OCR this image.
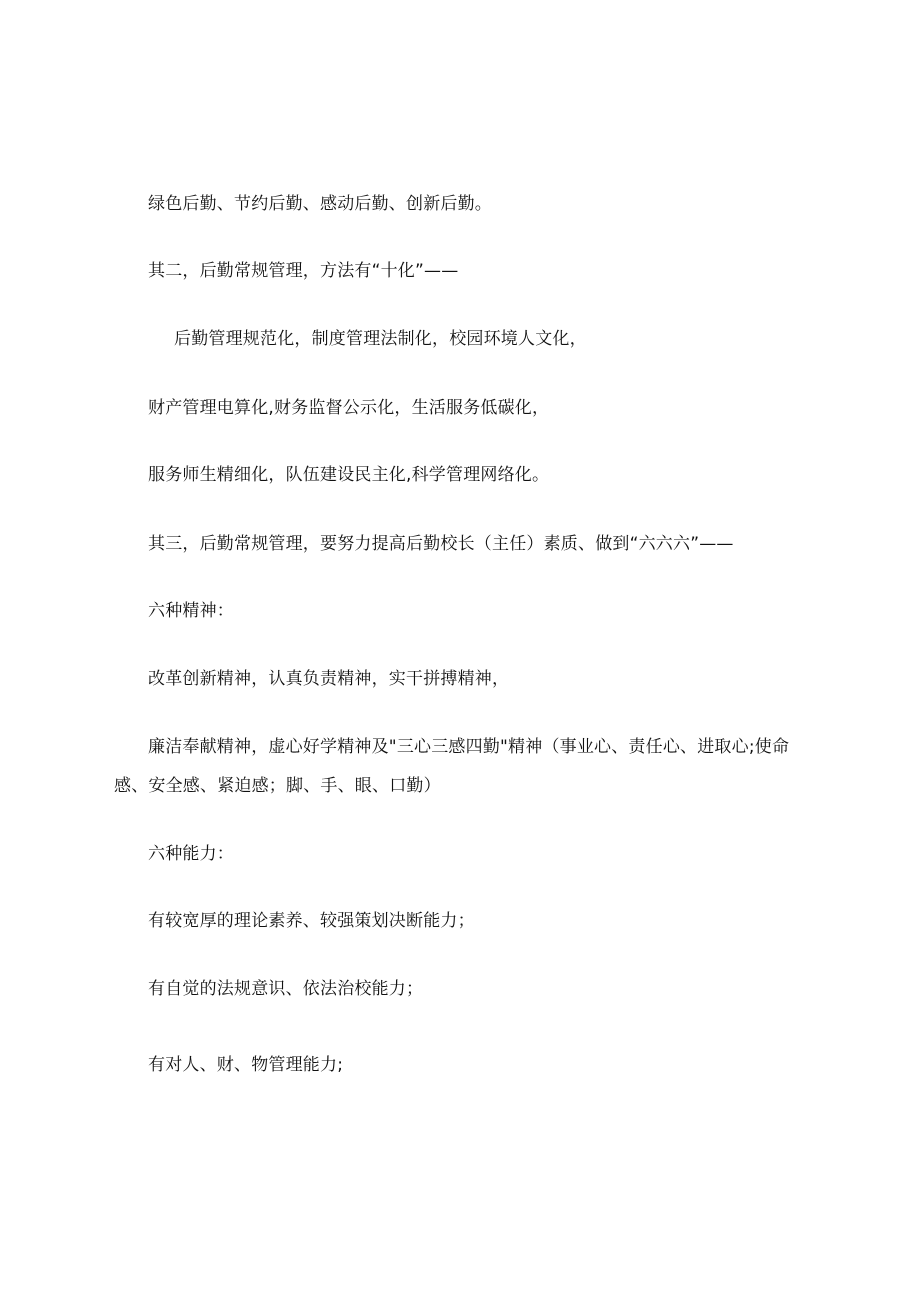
绿色后勤、节约后勤、感动后勤、创新后勤。
其二，后勤常规管理，方法有“十化”——
后勤管理规范化，制度管理法制化，校园环境人文化，
财产管理电算化,财务监督公示化，生活服务低碳化，
服务师生精细化，队伍建设民主化,科学管理网络化。
其三，后勤常规管理，要努力提高后勤校长（主任）素质、做到“六六六”——
六种精神：
改革创新精神，认真负责精神，实干拼搏精神，
廉洁奉献精神，虚心好学精神及"三心三感四勤"精神（事业心、责任心、进取心;使命感、安全感、紧迫感；脚、手、眼、口勤）
六种能力：
有较宽厚的理论素养、较强策划决断能力；
有自觉的法规意识、依法治校能力；
有对人、财、物管理能力;
